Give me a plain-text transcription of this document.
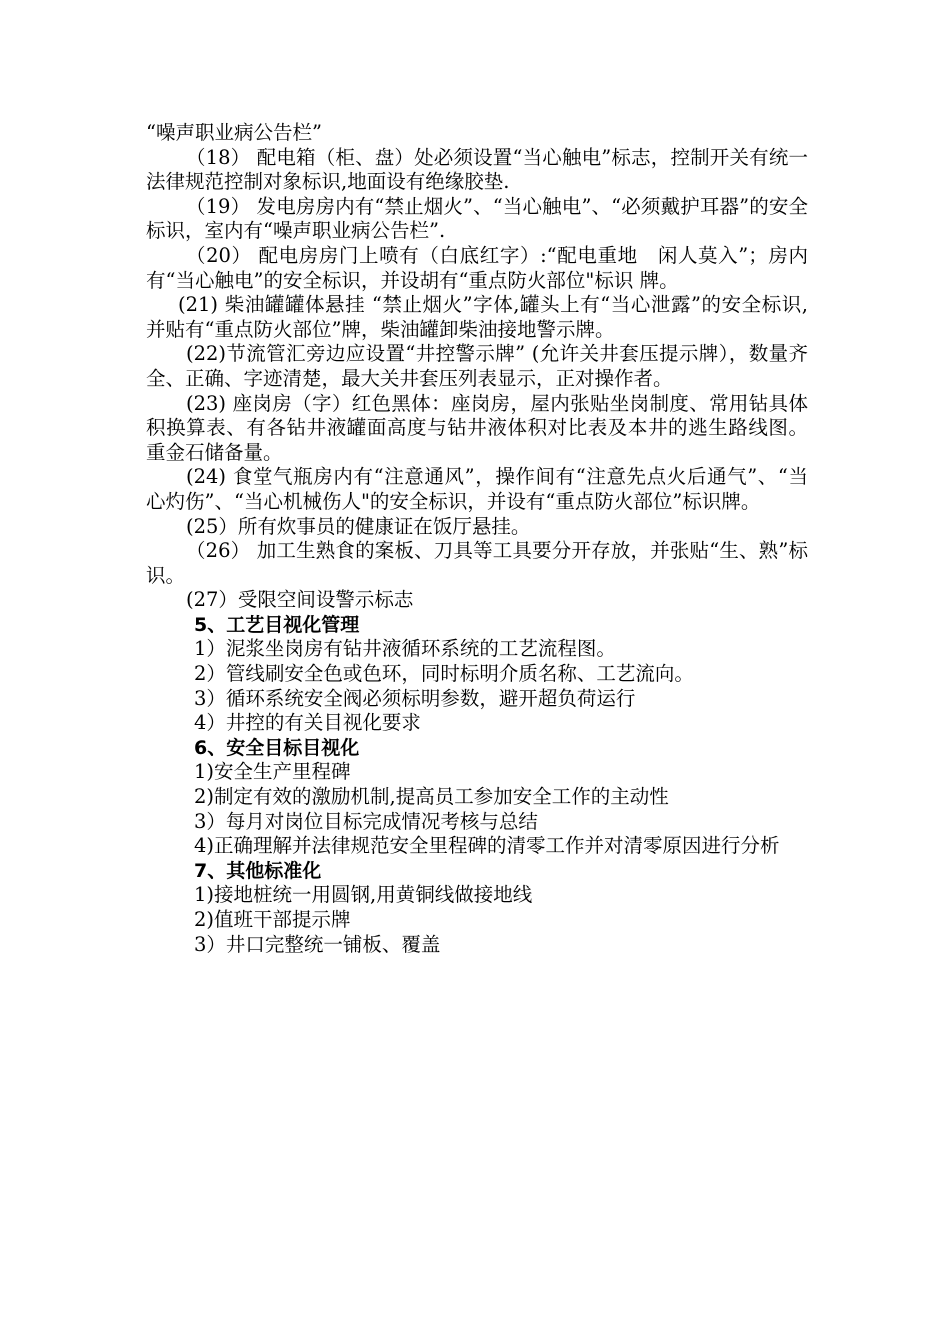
“噪声职业病公告栏”

（18） 配电箱（柜、盘）处必须设置“当心触电”标志，控制开关有统一法律规范控制对象标识,地面设有绝缘胶垫.

（19） 发电房房内有“禁止烟火”、“当心触电”、“必须戴护耳器”的安全标识，室内有“噪声职业病公告栏”.

（20） 配电房房门上喷有（白底红字）:“配电重地　闲人莫入”；房内有“当心触电”的安全标识，并设胡有“重点防火部位"标识 牌。

(21) 柴油罐罐体悬挂 “禁止烟火”字体,罐头上有“当心泄露”的安全标识,并贴有“重点防火部位”牌，柴油罐卸柴油接地警示牌。

(22)节流管汇旁边应设置“井控警示牌” (允许关井套压提示牌），数量齐全、正确、字迹清楚，最大关井套压列表显示，正对操作者。

(23) 座岗房（字）红色黑体：座岗房，屋内张贴坐岗制度、常用钻具体积换算表、有各钻井液罐面高度与钻井液体积对比表及本井的逃生路线图。重金石储备量。

(24) 食堂气瓶房内有“注意通风”，操作间有“注意先点火后通气”、“当心灼伤”、“当心机械伤人"的安全标识，并设有“重点防火部位”标识牌。

(25）所有炊事员的健康证在饭厅悬挂。

（26） 加工生熟食的案板、刀具等工具要分开存放，并张贴“生、熟”标识。

(27）受限空间设警示标志

5、工艺目视化管理

1）泥浆坐岗房有钻井液循环系统的工艺流程图。

2）管线刷安全色或色环，同时标明介质名称、工艺流向。

3）循环系统安全阀必须标明参数，避开超负荷运行

4）井控的有关目视化要求

6、安全目标目视化

1)安全生产里程碑

2)制定有效的激励机制,提高员工参加安全工作的主动性

3）每月对岗位目标完成情况考核与总结

4)正确理解并法律规范安全里程碑的清零工作并对清零原因进行分析

7、其他标准化

1)接地桩统一用圆钢,用黄铜线做接地线

2)值班干部提示牌

3）井口完整统一铺板、覆盖
